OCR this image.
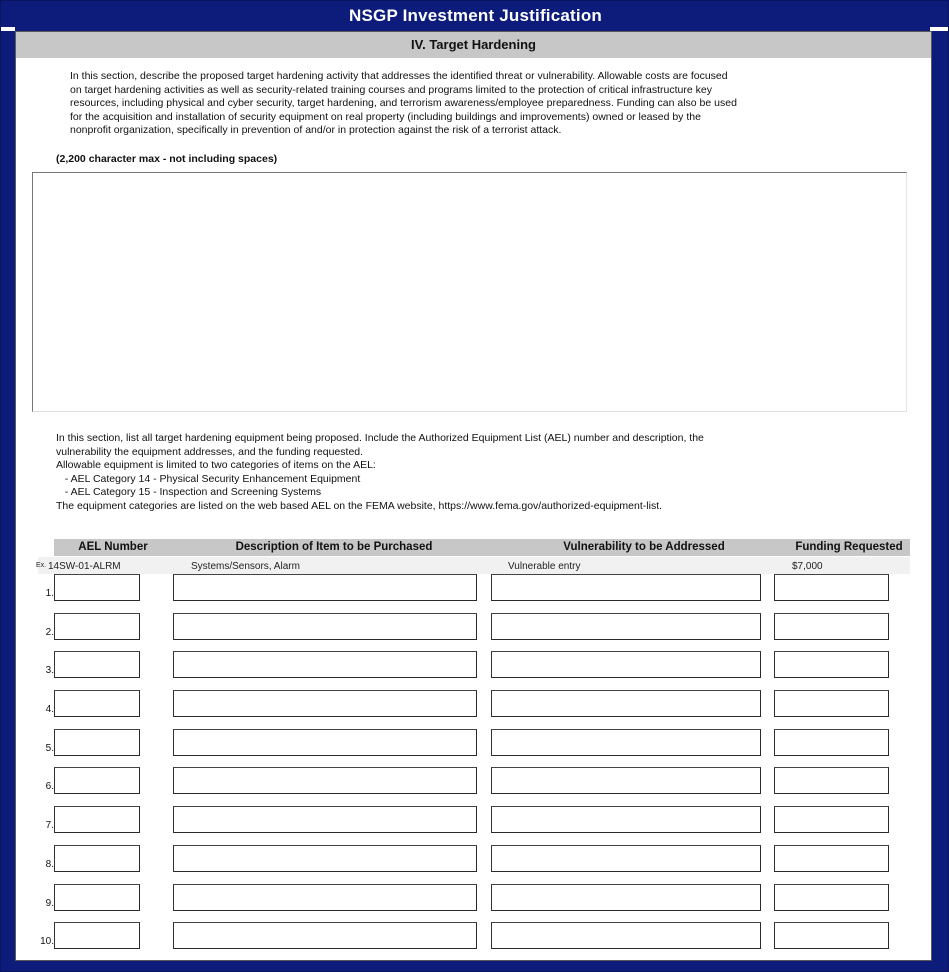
NSGP Investment Justification
IV. Target Hardening
In this section, describe the proposed target hardening activity that addresses the identified threat or vulnerability. Allowable costs are focused
on target hardening activities as well as security-related training courses and programs limited to the protection of critical infrastructure key
resources, including physical and cyber security, target hardening, and terrorism awareness/employee preparedness. Funding can also be used
for the acquisition and installation of security equipment on real property (including buildings and improvements) owned or leased by the
nonprofit organization, specifically in prevention of and/or in protection against the risk of a terrorist attack.
(2,200 character max - not including spaces)
In this section, list all target hardening equipment being proposed. Include the Authorized Equipment List (AEL) number and description, the
vulnerability the equipment addresses, and the funding requested.
Allowable equipment is limited to two categories of items on the AEL:
- AEL Category 14 - Physical Security Enhancement Equipment
- AEL Category 15 - Inspection and Screening Systems
The equipment categories are listed on the web based AEL on the FEMA website, https://www.fema.gov/authorized-equipment-list.
AEL Number	Description of Item to be Purchased	Vulnerability to be Addressed	Funding Requested
Ex. 14SW-01-ALRM	Systems/Sensors, Alarm	Vulnerable entry	$7,000
1.
2.
3.
4.
5.
6.
7.
8.
9.
10.
